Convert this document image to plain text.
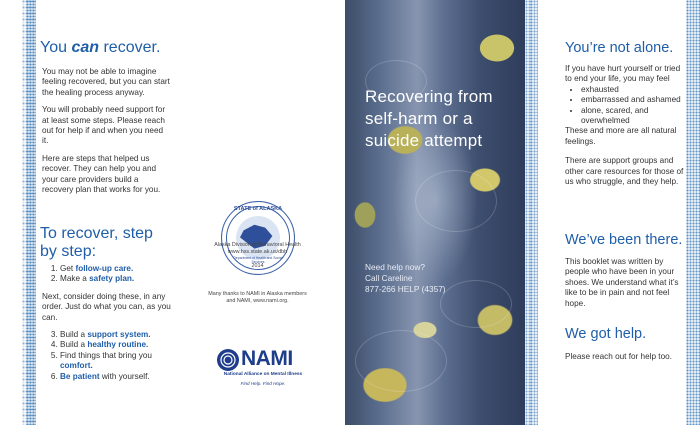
You can recover.

You may not be able to imagine feeling recovered, but you can start the healing process anyway.

You will probably need support for at least some steps. Please reach out for help if and when you need it.

Here are steps that helped us recover. They can help you and your care providers build a recovery plan that works for you.

To recover, step by step:
1. Get follow-up care.
2. Make a safety plan.

Next, consider doing these, in any order. Just do what you can, as you can.

3. Build a support system.
4. Build a healthy routine.
5. Find things that bring you comfort.
6. Be patient with yourself.
STATE of ALASKA
Department of Health and Social Services
Alaska Division of Behavioral Health
www.hss.state.ak.us/dbh
2014
Many thanks to NAMI in Alaska members and NAMI, www.nami.org.
NAMI
National Alliance on Mental Illness
Find Help. Find Hope.
Recovering from self-harm or a suicide attempt
Need help now?
Call Careline
877-266 HELP (4357)
You’re not alone.

If you have hurt yourself or tried to end your life, you may feel

• exhausted
• embarrassed and ashamed
• alone, scared, and overwhelmed

These and more are all natural feelings.

There are support groups and other care resources for those of us who struggle, and they help.

We’ve been there.

This booklet was written by people who have been in your shoes. We understand what it’s like to be in pain and not feel hope.

We got help.

Please reach out for help too.
